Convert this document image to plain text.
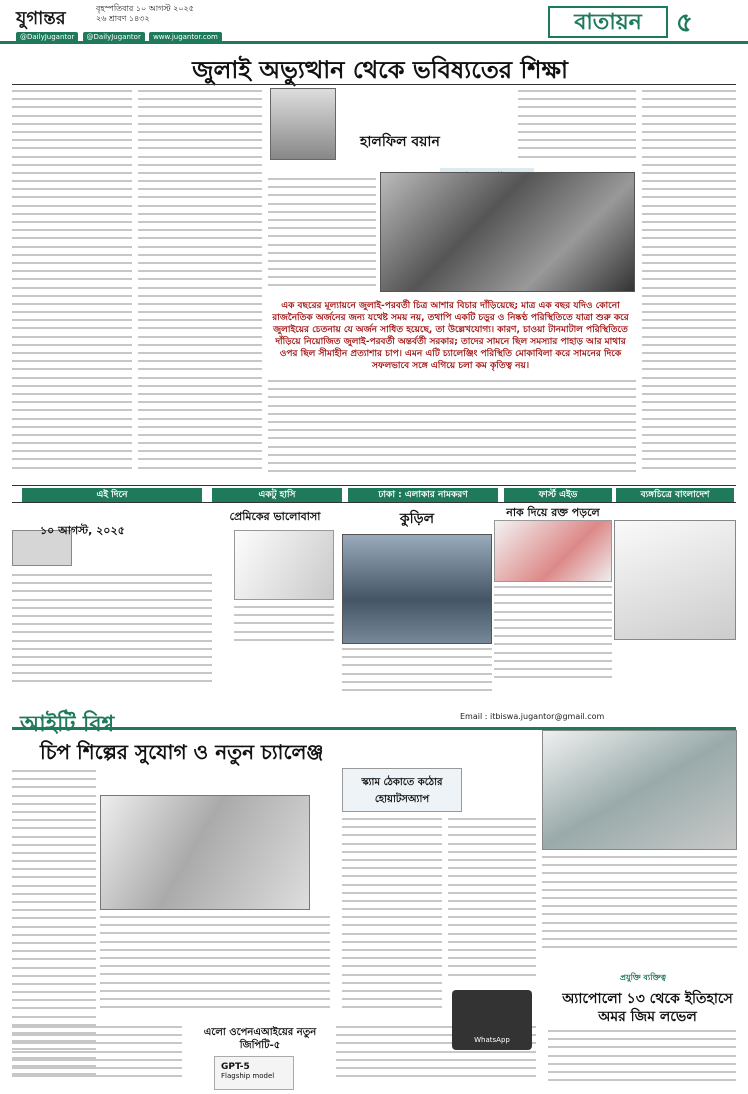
যুগান্তর	বৃহস্পতিবার ১০ আগস্ট ২০২৫
২৬ শ্রাবণ ১৪৩২
@DailyJugantor @DailyJugantor www.jugantor.com
বাতায়ন	৫
জুলাই অভ্যুত্থান থেকে ভবিষ্যতের শিক্ষা
হালফিল বয়ান
এক বছরের মূল্যায়নে জুলাই-পরবর্তী চিত্র আশার বিচার দাঁড়িয়েছে; মাত্র এক বছর যদিও কোনো রাজনৈতিক অর্জনের জন্য যথেষ্ট সময় নয়, তথাপি একটি চড়ুর ও নিষ্কণ্ঠ পরিস্থিতিতে যাত্রা শুরু করে জুলাইয়ের চেতনায় যে অর্জন সাধিত হয়েছে, তা উল্লেখযোগ্য। কারণ, চাওয়া টানমাটাল পরিস্থিতিতে দাঁড়িয়ে নিয়োজিত জুলাই-পরবর্তী অন্তর্বর্তী সরকার; তাদের সামনে ছিল সমস্যার পাহাড় আর মাথার ওপর ছিল সীমাহীন প্রত্যাশার চাপ। এমন এটি চ্যালেঞ্জিং পরিস্থিতি মোকাবিলা করে সামনের দিকে সফলভাবে সঙ্গে এগিয়ে চলা কম কৃতিত্ব নয়।
এই দিনে	একটু হাসি	ঢাকা : এলাকার নামকরণ	ফার্স্ট এইড	ব্যঙ্গচিত্রে বাংলাদেশ
১০ আগস্ট, ২০২৫
প্রেমিকের ভালোবাসা	কুড়িল	নাক দিয়ে রক্ত পড়লে
আইটি বিশ্ব	Email : itbiswa.jugantor@gmail.com
চিপ শিল্পের সুযোগ ও নতুন চ্যালেঞ্জ
এলো ওপেনএআইয়ের নতুন জিপিটি-৫
GPT-5
Flagship model
স্ক্যাম ঠেকাতে কঠোর হোয়াটসঅ্যাপ
WhatsApp
প্রযুক্তি ব্যক্তিত্ব
অ্যাপোলো ১৩ থেকে ইতিহাসে অমর জিম লভেল
